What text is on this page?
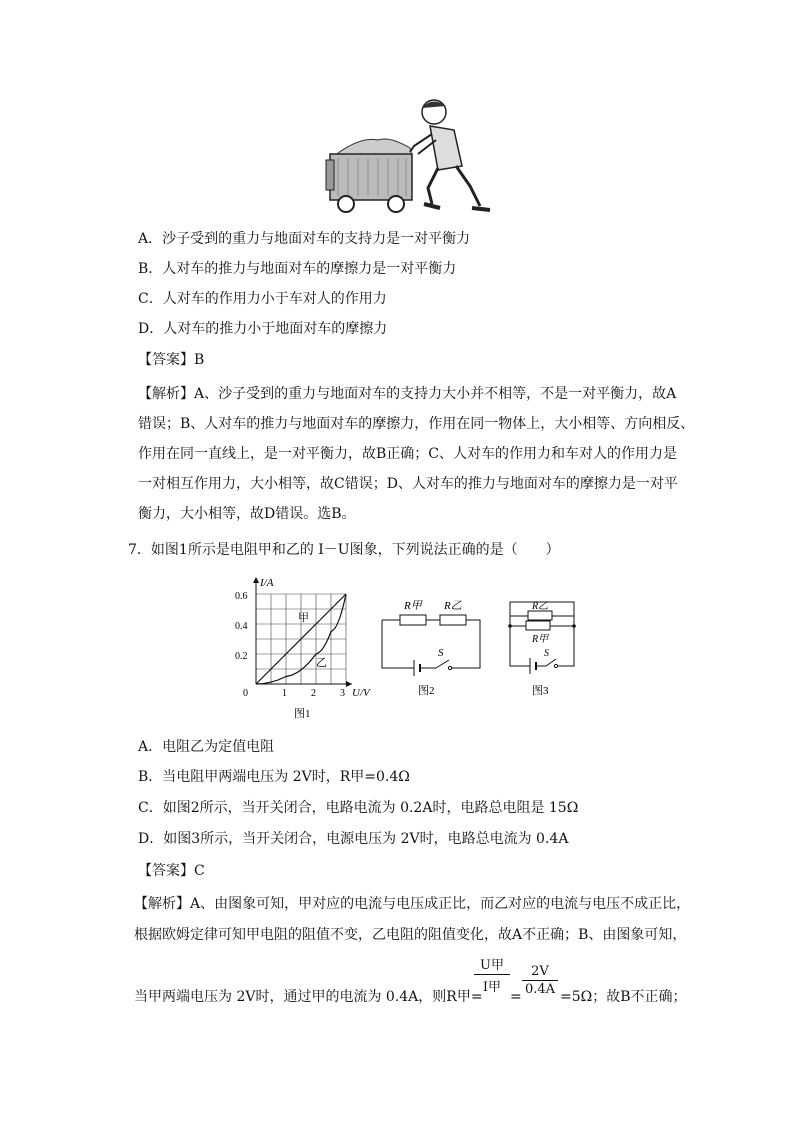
A．沙子受到的重力与地面对车的支持力是一对平衡力
B．人对车的推力与地面对车的摩擦力是一对平衡力
C．人对车的作用力小于车对人的作用力
D．人对车的推力小于地面对车的摩擦力
【答案】B
【解析】A、沙子受到的重力与地面对车的支持力大小并不相等，不是一对平衡力，故A
错误；B、人对车的推力与地面对车的摩擦力，作用在同一物体上，大小相等、方向相反、
作用在同一直线上，是一对平衡力，故B正确；C、人对车的作用力和车对人的作用力是
一对相互作用力，大小相等，故C错误；D、人对车的推力与地面对车的摩擦力是一对平
衡力，大小相等，故D错误。选B。
7．如图1所示是电阻甲和乙的 I－U图象，下列说法正确的是（　　）
I/A
U/V
0.6
0.4
0.2
0	1 2 3
甲
乙
图1
R甲 R乙
S
图2
R乙
R甲
S
图3
A．电阻乙为定值电阻
B．当电阻甲两端电压为 2V时，R甲=0.4Ω
C．如图2所示，当开关闭合，电路电流为 0.2A时，电路总电阻是 15Ω
D．如图3所示，当开关闭合，电源电压为 2V时，电路总电流为 0.4A
【答案】C
【解析】A、由图象可知，甲对应的电流与电压成正比，而乙对应的电流与电压不成正比，
根据欧姆定律可知甲电阻的阻值不变，乙电阻的阻值变化，故A不正确；B、由图象可知，
当甲两端电压为 2V时，通过甲的电流为 0.4A，则R甲=
U甲
I甲
=
2V
0.4A =5Ω；故B不正确；
